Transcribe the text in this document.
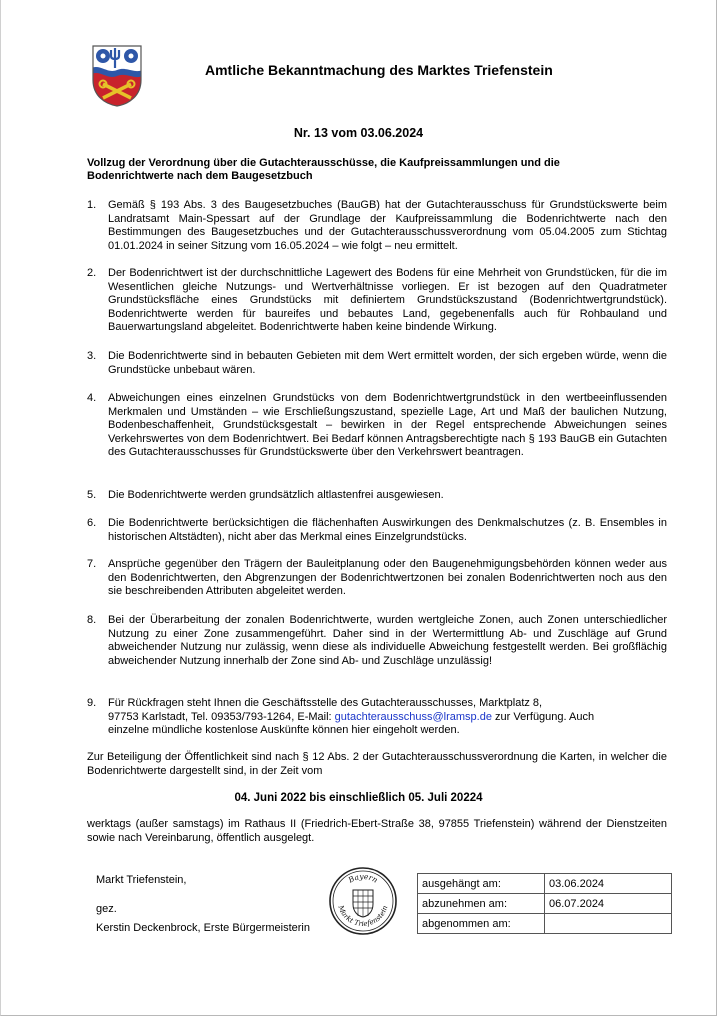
Amtliche Bekanntmachung des Marktes Triefenstein
Nr. 13 vom 03.06.2024
Vollzug der Verordnung über die Gutachterausschüsse, die Kaufpreissammlungen und die Bodenrichtwerte nach dem Baugesetzbuch
1. Gemäß § 193 Abs. 3 des Baugesetzbuches (BauGB) hat der Gutachterausschuss für Grundstückswerte beim Landratsamt Main-Spessart auf der Grundlage der Kaufpreissammlung die Bodenrichtwerte nach den Bestimmungen des Baugesetzbuches und der Gutachterausschussverordnung vom 05.04.2005 zum Stichtag 01.01.2024 in seiner Sitzung vom 16.05.2024 – wie folgt – neu ermittelt.
2. Der Bodenrichtwert ist der durchschnittliche Lagewert des Bodens für eine Mehrheit von Grundstücken, für die im Wesentlichen gleiche Nutzungs- und Wertverhältnisse vorliegen. Er ist bezogen auf den Quadratmeter Grundstücksfläche eines Grundstücks mit definiertem Grundstückszustand (Bodenrichtwertgrundstück). Bodenrichtwerte werden für baureifes und bebautes Land, gegebenenfalls auch für Rohbauland und Bauerwartungsland abgeleitet. Bodenrichtwerte haben keine bindende Wirkung.
3. Die Bodenrichtwerte sind in bebauten Gebieten mit dem Wert ermittelt worden, der sich ergeben würde, wenn die Grundstücke unbebaut wären.
4. Abweichungen eines einzelnen Grundstücks von dem Bodenrichtwertgrundstück in den wertbeeinflussenden Merkmalen und Umständen – wie Erschließungszustand, spezielle Lage, Art und Maß der baulichen Nutzung, Bodenbeschaffenheit, Grundstücksgestalt – bewirken in der Regel entsprechende Abweichungen seines Verkehrswertes von dem Bodenrichtwert. Bei Bedarf können Antragsberechtigte nach § 193 BauGB ein Gutachten des Gutachterausschusses für Grundstückswerte über den Verkehrswert beantragen.
5. Die Bodenrichtwerte werden grundsätzlich altlastenfrei ausgewiesen.
6. Die Bodenrichtwerte berücksichtigen die flächenhaften Auswirkungen des Denkmalschutzes (z. B. Ensembles in historischen Altstädten), nicht aber das Merkmal eines Einzelgrundstücks.
7. Ansprüche gegenüber den Trägern der Bauleitplanung oder den Baugenehmigungsbehörden können weder aus den Bodenrichtwerten, den Abgrenzungen der Bodenrichtwertzonen bei zonalen Bodenrichtwerten noch aus den sie beschreibenden Attributen abgeleitet werden.
8. Bei der Überarbeitung der zonalen Bodenrichtwerte, wurden wertgleiche Zonen, auch Zonen unterschiedlicher Nutzung zu einer Zone zusammengeführt. Daher sind in der Wertermittlung Ab- und Zuschläge auf Grund abweichender Nutzung nur zulässig, wenn diese als individuelle Abweichung festgestellt werden. Bei großflächig abweichender Nutzung innerhalb der Zone sind Ab- und Zuschläge unzulässig!
9. Für Rückfragen steht Ihnen die Geschäftsstelle des Gutachterausschusses, Marktplatz 8,
97753 Karlstadt, Tel. 09353/793-1264, E-Mail: gutachterausschuss@lramsp.de zur Verfügung. Auch
einzelne mündliche kostenlose Auskünfte können hier eingeholt werden.
Zur Beteiligung der Öffentlichkeit sind nach § 12 Abs. 2 der Gutachterausschussverordnung die Karten, in welcher die Bodenrichtwerte dargestellt sind, in der Zeit vom
04. Juni 2022 bis einschließlich 05. Juli 20224
werktags (außer samstags) im Rathaus II (Friedrich-Ebert-Straße 38, 97855 Triefenstein) während der Dienstzeiten sowie nach Vereinbarung, öffentlich ausgelegt.
Markt Triefenstein,
gez.
Kerstin Deckenbrock, Erste Bürgermeisterin
Bayern
Markt Triefenstein
ausgehängt am:	03.06.2024
abzunehmen am:	06.07.2024
abgenommen am:	
